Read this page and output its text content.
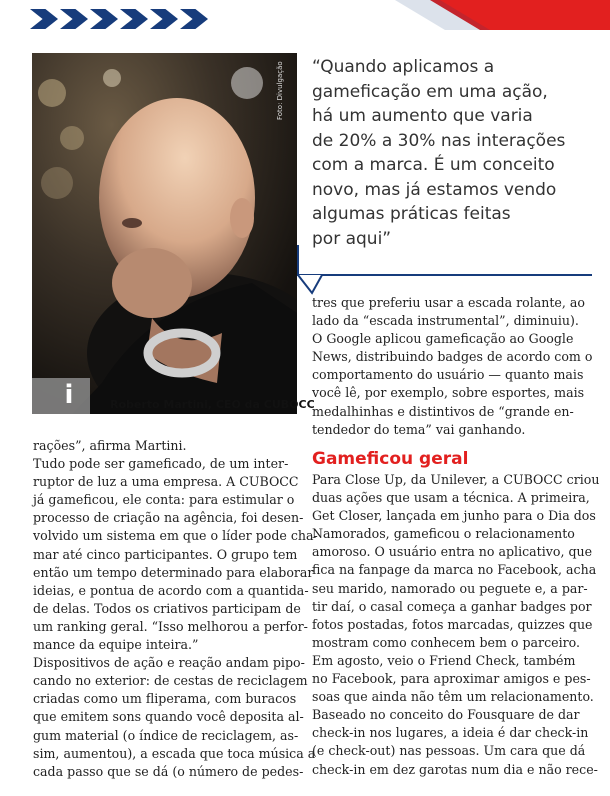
Foto: Divulgação
i	Roberto Martini, CEO da CUBOCC
“Quando aplicamos a
gameficação em uma ação,
há um aumento que varia
de 20% a 30% nas interações
com a marca. É um conceito
novo, mas já estamos vendo
algumas práticas feitas
por aqui”
tres que preferiu usar a escada rolante, ao
lado da “escada instrumental”, diminuiu).
O Google aplicou gameficação ao Google
News, distribuindo badges de acordo com o
comportamento do usuário — quanto mais
você lê, por exemplo, sobre esportes, mais
medalhinhas e distintivos de “grande en-
tendedor do tema” vai ganhando.
Gameficou geral
rações”, afirma Martini.
Tudo pode ser gameficado, de um inter-
ruptor de luz a uma empresa. A CUBOCC
já gameficou, ele conta: para estimular o
processo de criação na agência, foi desen-
volvido um sistema em que o líder pode cha-
mar até cinco participantes. O grupo tem
então um tempo determinado para elaborar
ideias, e pontua de acordo com a quantida-
de delas. Todos os criativos participam de
um ranking geral. “Isso melhorou a perfor-
mance da equipe inteira.”
Dispositivos de ação e reação andam pipo-
cando no exterior: de cestas de reciclagem
criadas como um fliperama, com buracos
que emitem sons quando você deposita al-
gum material (o índice de reciclagem, as-
sim, aumentou), a escada que toca música a
cada passo que se dá (o número de pedes-
Para Close Up, da Unilever, a CUBOCC criou
duas ações que usam a técnica. A primeira,
Get Closer, lançada em junho para o Dia dos
Namorados, gameficou o relacionamento
amoroso. O usuário entra no aplicativo, que
fica na fanpage da marca no Facebook, acha
seu marido, namorado ou peguete e, a par-
tir daí, o casal começa a ganhar badges por
fotos postadas, fotos marcadas, quizzes que
mostram como conhecem bem o parceiro.
Em agosto, veio o Friend Check, também
no Facebook, para aproximar amigos e pes-
soas que ainda não têm um relacionamento.
Baseado no conceito do Fousquare de dar
check-in nos lugares, a ideia é dar check-in
(e check-out) nas pessoas. Um cara que dá
check-in em dez garotas num dia e não rece-
